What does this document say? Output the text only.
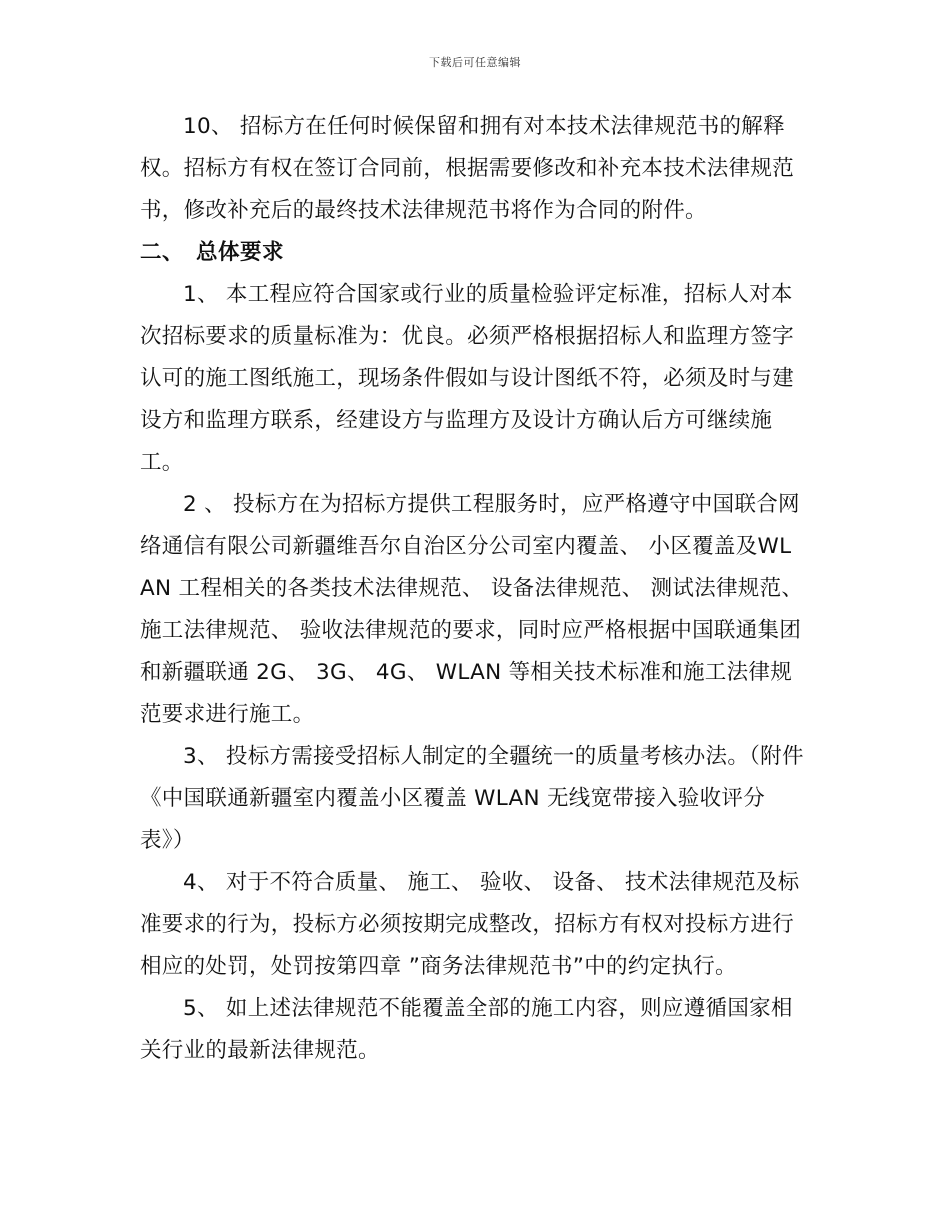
下载后可任意编辑

10、 招标方在任何时候保留和拥有对本技术法律规范书的解释权。招标方有权在签订合同前，根据需要修改和补充本技术法律规范书，修改补充后的最终技术法律规范书将作为合同的附件。

二、 总体要求

1、 本工程应符合国家或行业的质量检验评定标准，招标人对本次招标要求的质量标准为：优良。必须严格根据招标人和监理方签字认可的施工图纸施工，现场条件假如与设计图纸不符，必须及时与建设方和监理方联系，经建设方与监理方及设计方确认后方可继续施工。

2 、 投标方在为招标方提供工程服务时，应严格遵守中国联合网络通信有限公司新疆维吾尔自治区分公司室内覆盖、 小区覆盖及WLAN 工程相关的各类技术法律规范、 设备法律规范、 测试法律规范、 施工法律规范、 验收法律规范的要求，同时应严格根据中国联通集团和新疆联通 2G、 3G、 4G、 WLAN 等相关技术标准和施工法律规范要求进行施工。

3、 投标方需接受招标人制定的全疆统一的质量考核办法。（附件《中国联通新疆室内覆盖小区覆盖 WLAN 无线宽带接入验收评分表》）

4、 对于不符合质量、 施工、 验收、 设备、 技术法律规范及标准要求的行为，投标方必须按期完成整改，招标方有权对投标方进行相应的处罚，处罚按第四章 ”商务法律规范书”中的约定执行。

5、 如上述法律规范不能覆盖全部的施工内容，则应遵循国家相关行业的最新法律规范。
